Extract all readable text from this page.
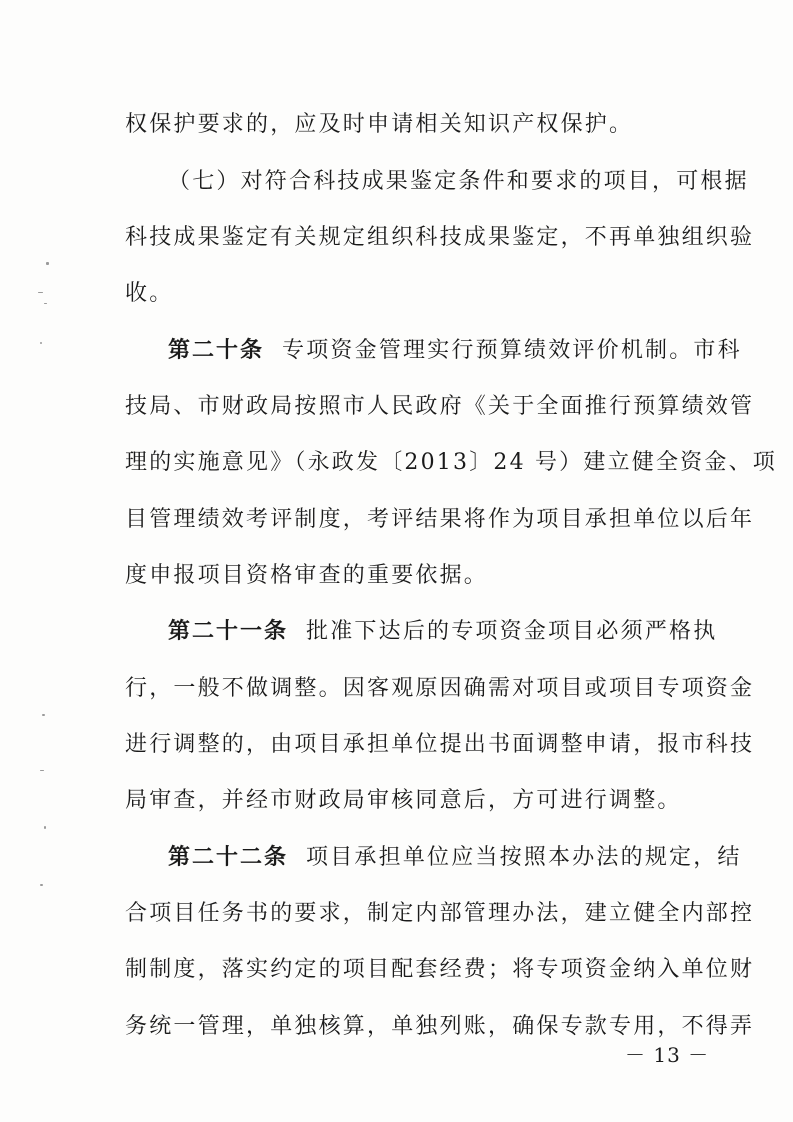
权保护要求的，应及时申请相关知识产权保护。
（七）对符合科技成果鉴定条件和要求的项目，可根据
科技成果鉴定有关规定组织科技成果鉴定，不再单独组织验
收。
第二十条 专项资金管理实行预算绩效评价机制。市科
技局、市财政局按照市人民政府《关于全面推行预算绩效管
理的实施意见》（永政发〔2013〕24 号）建立健全资金、项
目管理绩效考评制度，考评结果将作为项目承担单位以后年
度申报项目资格审查的重要依据。
第二十一条 批准下达后的专项资金项目必须严格执
行，一般不做调整。因客观原因确需对项目或项目专项资金
进行调整的，由项目承担单位提出书面调整申请，报市科技
局审查，并经市财政局审核同意后，方可进行调整。
第二十二条 项目承担单位应当按照本办法的规定，结
合项目任务书的要求，制定内部管理办法，建立健全内部控
制制度，落实约定的项目配套经费；将专项资金纳入单位财
务统一管理，单独核算，单独列账，确保专款专用，不得弄
－ 13 －
